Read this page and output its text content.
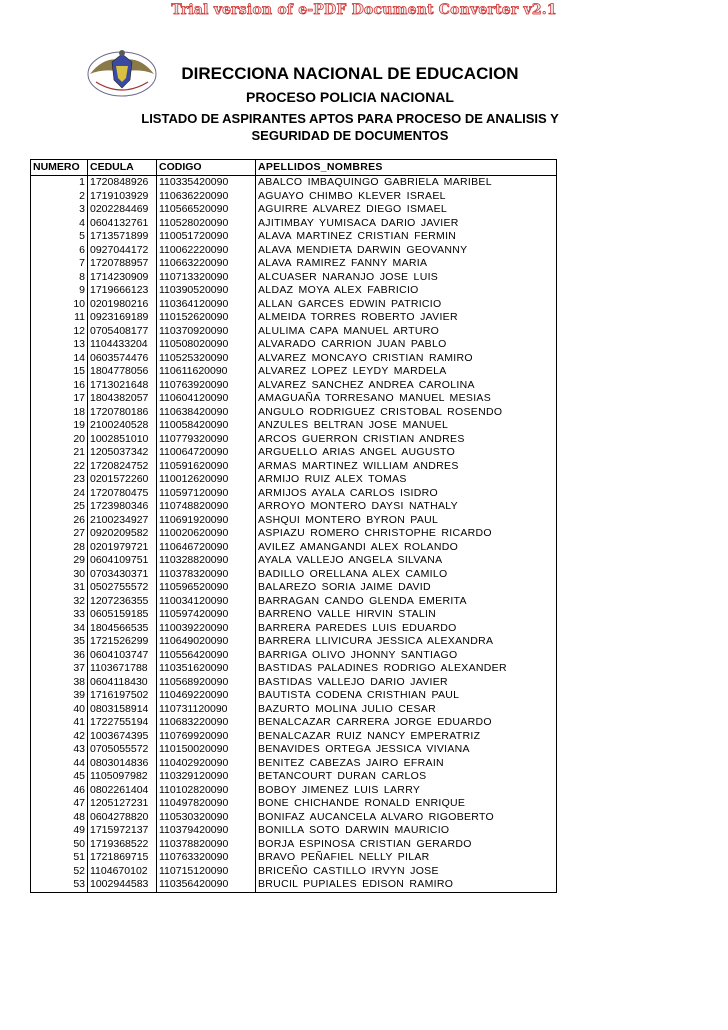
Trial version of e-PDF Document Converter v2.1
DIRECCIONA NACIONAL DE EDUCACION
PROCESO POLICIA NACIONAL
LISTADO DE ASPIRANTES APTOS PARA PROCESO DE ANALISIS Y
SEGURIDAD DE DOCUMENTOS
NUMERO	CEDULA	CODIGO	APELLIDOS_NOMBRES
1	1720848926	110335420090	ABALCO IMBAQUINGO GABRIELA MARIBEL
2	1719103929	110636220090	AGUAYO CHIMBO KLEVER ISRAEL
3	0202284469	110566520090	AGUIRRE ALVAREZ DIEGO ISMAEL
4	0604132761	110528020090	AJITIMBAY YUMISACA DARIO JAVIER
5	1713571899	110051720090	ALAVA MARTINEZ CRISTIAN FERMIN
6	0927044172	110062220090	ALAVA MENDIETA DARWIN GEOVANNY
7	1720788957	110663220090	ALAVA RAMIREZ FANNY MARIA
8	1714230909	110713320090	ALCUASER NARANJO JOSE LUIS
9	1719666123	110390520090	ALDAZ MOYA ALEX FABRICIO
10	0201980216	110364120090	ALLAN GARCES EDWIN PATRICIO
11	0923169189	110152620090	ALMEIDA TORRES ROBERTO JAVIER
12	0705408177	110370920090	ALULIMA CAPA MANUEL ARTURO
13	1104433204	110508020090	ALVARADO CARRION JUAN PABLO
14	0603574476	110525320090	ALVAREZ MONCAYO CRISTIAN RAMIRO
15	1804778056	110611620090	ALVAREZ LOPEZ LEYDY MARDELA
16	1713021648	110763920090	ALVAREZ SANCHEZ ANDREA CAROLINA
17	1804382057	110604120090	AMAGUAÑA TORRESANO MANUEL MESIAS
18	1720780186	110638420090	ANGULO RODRIGUEZ CRISTOBAL ROSENDO
19	2100240528	110058420090	ANZULES BELTRAN JOSE MANUEL
20	1002851010	110779320090	ARCOS GUERRON CRISTIAN ANDRES
21	1205037342	110064720090	ARGUELLO ARIAS ANGEL AUGUSTO
22	1720824752	110591620090	ARMAS MARTINEZ WILLIAM ANDRES
23	0201572260	110012620090	ARMIJO RUIZ ALEX TOMAS
24	1720780475	110597120090	ARMIJOS AYALA CARLOS ISIDRO
25	1723980346	110748820090	ARROYO MONTERO DAYSI NATHALY
26	2100234927	110691920090	ASHQUI MONTERO BYRON PAUL
27	0920209582	110020620090	ASPIAZU ROMERO CHRISTOPHE RICARDO
28	0201979721	110646720090	AVILEZ AMANGANDI ALEX ROLANDO
29	0604109751	110328820090	AYALA VALLEJO ANGELA SILVANA
30	0703430371	110378320090	BADILLO ORELLANA ALEX CAMILO
31	0502755572	110596520090	BALAREZO SORIA JAIME DAVID
32	1207236355	110034120090	BARRAGAN CANDO GLENDA EMERITA
33	0605159185	110597420090	BARRENO VALLE HIRVIN STALIN
34	1804566535	110039220090	BARRERA PAREDES LUIS EDUARDO
35	1721526299	110649020090	BARRERA LLIVICURA JESSICA ALEXANDRA
36	0604103747	110556420090	BARRIGA OLIVO JHONNY SANTIAGO
37	1103671788	110351620090	BASTIDAS PALADINES RODRIGO ALEXANDER
38	0604118430	110568920090	BASTIDAS VALLEJO DARIO JAVIER
39	1716197502	110469220090	BAUTISTA CODENA CRISTHIAN PAUL
40	0803158914	110731120090	BAZURTO MOLINA JULIO CESAR
41	1722755194	110683220090	BENALCAZAR CARRERA JORGE EDUARDO
42	1003674395	110769920090	BENALCAZAR RUIZ NANCY EMPERATRIZ
43	0705055572	110150020090	BENAVIDES ORTEGA JESSICA VIVIANA
44	0803014836	110402920090	BENITEZ CABEZAS JAIRO EFRAIN
45	1105097982	110329120090	BETANCOURT DURAN CARLOS
46	0802261404	110102820090	BOBOY JIMENEZ LUIS LARRY
47	1205127231	110497820090	BONE CHICHANDE RONALD ENRIQUE
48	0604278820	110530320090	BONIFAZ AUCANCELA ALVARO RIGOBERTO
49	1715972137	110379420090	BONILLA SOTO DARWIN MAURICIO
50	1719368522	110378820090	BORJA ESPINOSA CRISTIAN GERARDO
51	1721869715	110763320090	BRAVO PEÑAFIEL NELLY PILAR
52	1104670102	110715120090	BRICEÑO CASTILLO IRVYN JOSE
53	1002944583	110356420090	BRUCIL PUPIALES EDISON RAMIRO
